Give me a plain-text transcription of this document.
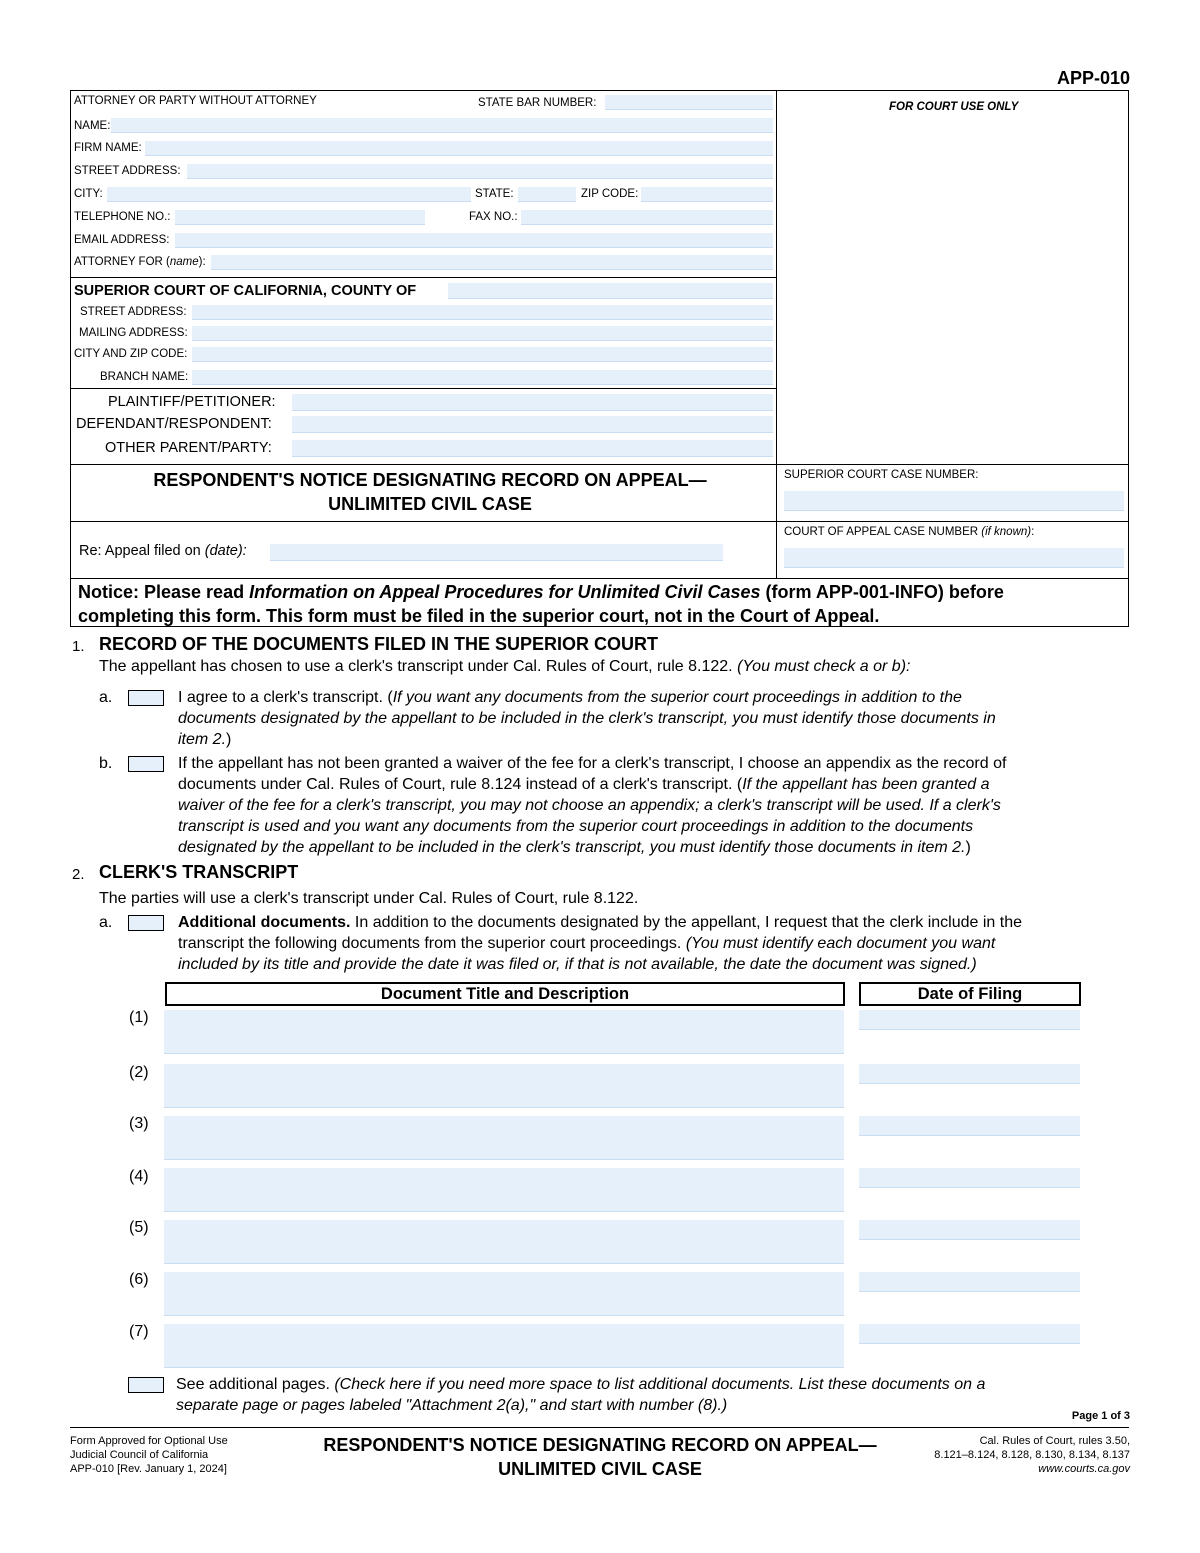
APP-010
FOR COURT USE ONLY
ATTORNEY OR PARTY WITHOUT ATTORNEY	STATE BAR NUMBER:
NAME:
FIRM NAME:
STREET ADDRESS:
CITY:	STATE:	ZIP CODE:
TELEPHONE NO.:	FAX NO.:
EMAIL ADDRESS:
ATTORNEY FOR (name):
SUPERIOR COURT OF CALIFORNIA, COUNTY OF
STREET ADDRESS:
MAILING ADDRESS:
CITY AND ZIP CODE:
BRANCH NAME:
PLAINTIFF/PETITIONER:
DEFENDANT/RESPONDENT:
OTHER PARENT/PARTY:
RESPONDENT'S NOTICE DESIGNATING RECORD ON APPEAL—
UNLIMITED CIVIL CASE
SUPERIOR COURT CASE NUMBER:
COURT OF APPEAL CASE NUMBER (if known):
Re: Appeal filed on (date):
Notice: Please read Information on Appeal Procedures for Unlimited Civil Cases (form APP-001-INFO) before
completing this form. This form must be filed in the superior court, not in the Court of Appeal.
1. RECORD OF THE DOCUMENTS FILED IN THE SUPERIOR COURT
The appellant has chosen to use a clerk's transcript under Cal. Rules of Court, rule 8.122. (You must check a or b):
a.	I agree to a clerk's transcript. (If you want any documents from the superior court proceedings in addition to the
documents designated by the appellant to be included in the clerk's transcript, you must identify those documents in
item 2.)
b.	If the appellant has not been granted a waiver of the fee for a clerk's transcript, I choose an appendix as the record of
documents under Cal. Rules of Court, rule 8.124 instead of a clerk's transcript. (If the appellant has been granted a
waiver of the fee for a clerk's transcript, you may not choose an appendix; a clerk's transcript will be used. If a clerk's
transcript is used and you want any documents from the superior court proceedings in addition to the documents
designated by the appellant to be included in the clerk's transcript, you must identify those documents in item 2.)
2. CLERK'S TRANSCRIPT
The parties will use a clerk's transcript under Cal. Rules of Court, rule 8.122.
a.	Additional documents. In addition to the documents designated by the appellant, I request that the clerk include in the
transcript the following documents from the superior court proceedings. (You must identify each document you want
included by its title and provide the date it was filed or, if that is not available, the date the document was signed.)
Document Title and Description	Date of Filing
(1)
(2)
(3)
(4)
(5)
(6)
(7)
See additional pages. (Check here if you need more space to list additional documents. List these documents on a
separate page or pages labeled "Attachment 2(a)," and start with number (8).)
Page 1 of 3
Form Approved for Optional Use
Judicial Council of California
APP-010 [Rev. January 1, 2024]
RESPONDENT'S NOTICE DESIGNATING RECORD ON APPEAL—
UNLIMITED CIVIL CASE
Cal. Rules of Court, rules 3.50,
8.121–8.124, 8.128, 8.130, 8.134, 8.137
www.courts.ca.gov
